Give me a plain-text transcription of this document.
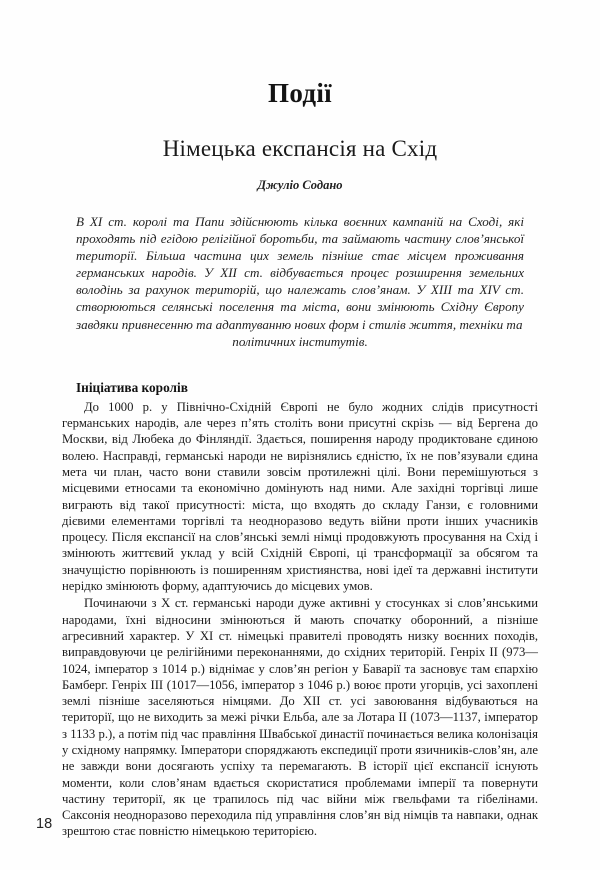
Події
Німецька експансія на Схід

Джуліо Содано

В XI ст. королі та Папи здійснюють кілька воєнних кампаній на Сході, які проходять під егідою релігійної боротьби, та займають частину слов’янської території. Більша частина цих земель пізніше стає місцем проживання германських народів. У XII ст. відбувається процес розширення земельних володінь за рахунок територій, що належать слов’янам. У XIII та XIV ст. створюються селянські поселення та міста, вони змінюють Східну Європу завдяки привнесенню та адаптуванню нових форм і стилів життя, техніки та

політичних інститутів.

Ініціатива королів

До 1000 р. у Північно-Східній Європі не було жодних слідів присутності германських народів, але через п’ять століть вони присутні скрізь — від Бергена до Москви, від Любека до Фінляндії. Здається, поширення народу продиктоване єдиною волею. Насправді, германські народи не вирізнялись єдністю, їх не пов’язували єдина мета чи план, часто вони ставили зовсім протилежні цілі. Вони перемішуються з місцевими етносами та економічно домінують над ними. Але західні торгівці лише виграють від такої присутності: міста, що входять до складу Ганзи, є головними дієвими елементами торгівлі та неодноразово ведуть війни проти інших учасників процесу. Після експансії на слов’янські землі німці продовжують просування на Схід і змінюють життєвий уклад у всій Східній Європі, ці трансформації за обсягом та значущістю порівнюють із поширенням християнства, нові ідеї та державні інститути нерідко змінюють форму, адаптуючись до місцевих умов.

Починаючи з X ст. германські народи дуже активні у стосунках зі слов’янськими народами, їхні відносини змінюються й мають спочатку оборонний, а пізніше агресивний характер. У XI ст. німецькі правителі проводять низку воєнних походів, виправдовуючи це релігійними переконаннями, до східних територій. Генріх II (973—1024, імператор з 1014 р.) віднімає у слов’ян регіон у Баварії та засновує там єпархію Бамберг. Генріх III (1017—1056, імператор з 1046 р.) воює проти угорців, усі захоплені землі пізніше заселяються німцями. До XII ст. усі завоювання відбуваються на території, що не виходить за межі річки Ельба, але за Лотара II (1073—1137, імператор з 1133 р.), а потім під час правління Швабської династії починається велика колонізація у східному напрямку. Імператори споряджають експедиції проти язичників-слов’ян, але не завжди вони досягають успіху та перемагають. В історії цієї експансії існують моменти, коли слов’янам вдається скористатися проблемами імперії та повернути частину території, як це трапилось під час війни між гвельфами та гібелінами. Саксонія неодноразово переходила під управління слов’ян від німців та навпаки, однак зрештою стає повністю німецькою територією.

18
